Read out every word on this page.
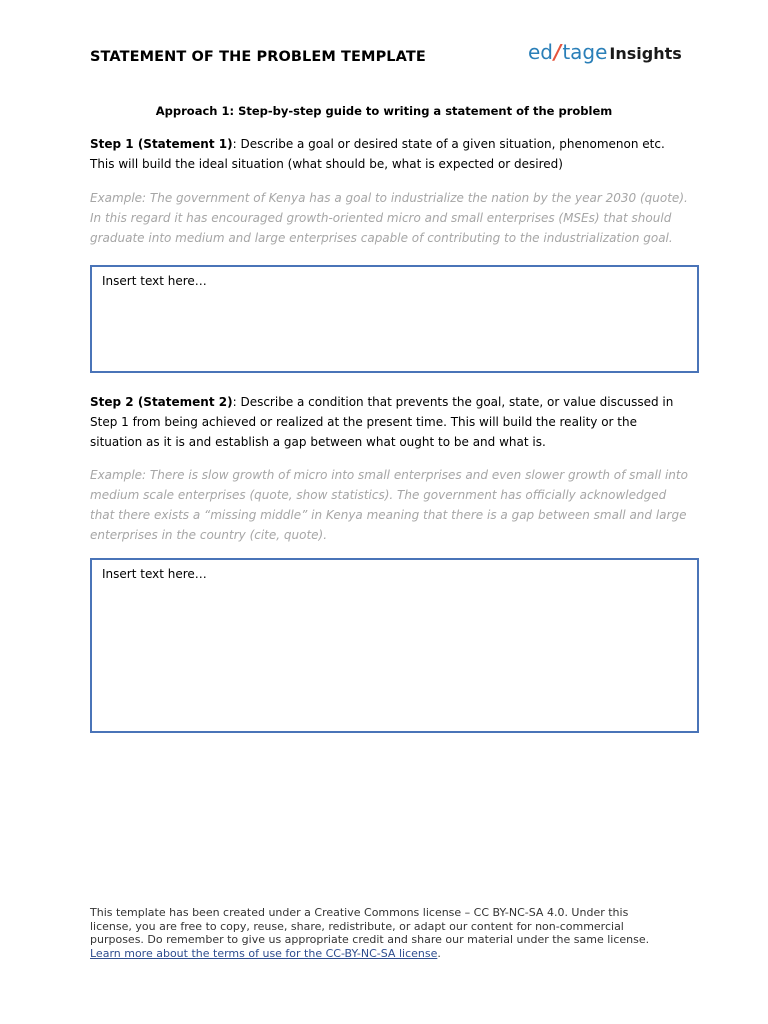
STATEMENT OF THE PROBLEM TEMPLATE	ed/tage Insights
Approach 1: Step-by-step guide to writing a statement of the problem
Step 1 (Statement 1): Describe a goal or desired state of a given situation, phenomenon etc. This will build the ideal situation (what should be, what is expected or desired)
Example: The government of Kenya has a goal to industrialize the nation by the year 2030 (quote). In this regard it has encouraged growth-oriented micro and small enterprises (MSEs) that should graduate into medium and large enterprises capable of contributing to the industrialization goal.
Insert text here…
Step 2 (Statement 2): Describe a condition that prevents the goal, state, or value discussed in Step 1 from being achieved or realized at the present time. This will build the reality or the situation as it is and establish a gap between what ought to be and what is.
Example: There is slow growth of micro into small enterprises and even slower growth of small into medium scale enterprises (quote, show statistics). The government has officially acknowledged that there exists a “missing middle” in Kenya meaning that there is a gap between small and large enterprises in the country (cite, quote).
Insert text here…
This template has been created under a Creative Commons license – CC BY-NC-SA 4.0. Under this license, you are free to copy, reuse, share, redistribute, or adapt our content for non-commercial purposes. Do remember to give us appropriate credit and share our material under the same license. Learn more about the terms of use for the CC-BY-NC-SA license.
